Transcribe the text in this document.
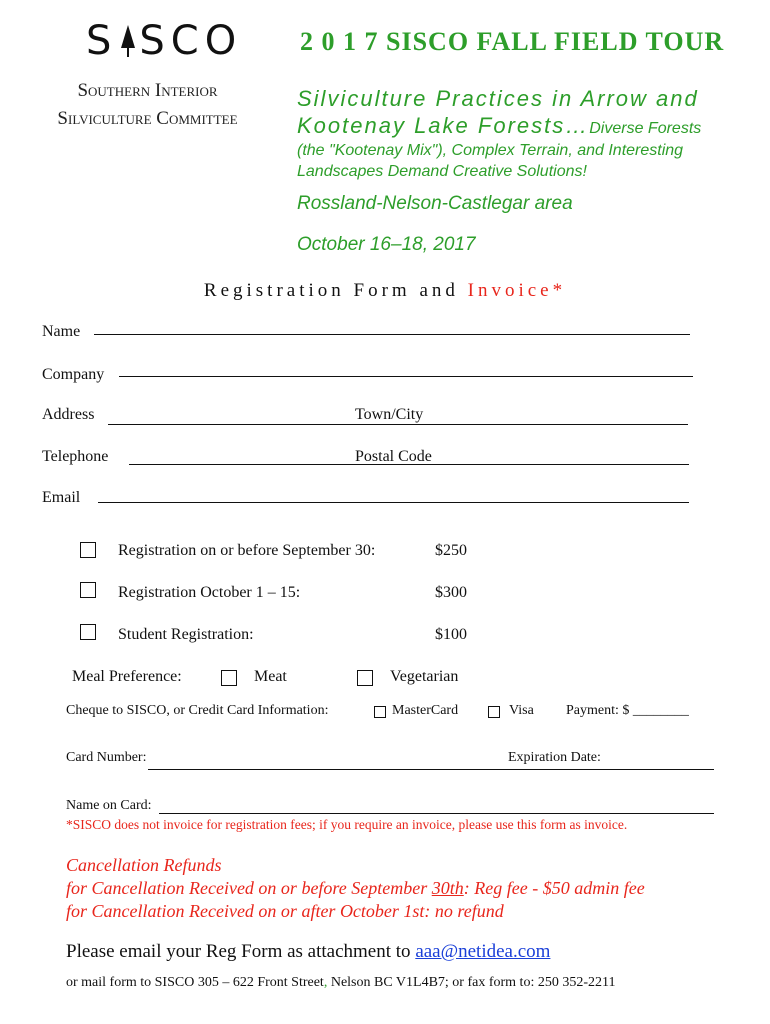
S SCO
Southern Interior
Silviculture Committee
2 0 1 7 SISCO FALL FIELD TOUR
Silviculture Practices in Arrow and Kootenay Lake Forests…Diverse Forests
(the "Kootenay Mix"), Complex Terrain, and Interesting Landscapes Demand Creative Solutions!
Rossland-Nelson-Castlegar area
October 16–18, 2017
Registration Form and Invoice*
Name
Company
Address	Town/City
Telephone	Postal Code
Email
Registration on or before September 30:	$250
Registration October 1 – 15:	$300
Student Registration:	$100
Meal Preference:	Meat	Vegetarian
Cheque to SISCO, or Credit Card Information:	MasterCard	Visa Payment: $ ________
Card Number:	Expiration Date:
Name on Card:
*SISCO does not invoice for registration fees; if you require an invoice, please use this form as invoice.
Cancellation Refunds
for Cancellation Received on or before September 30th: Reg fee - $50 admin fee
for Cancellation Received on or after October 1st: no refund
Please email your Reg Form as attachment to aaa@netidea.com
or mail form to SISCO 305 – 622 Front Street, Nelson BC V1L4B7; or fax form to: 250 352-2211
